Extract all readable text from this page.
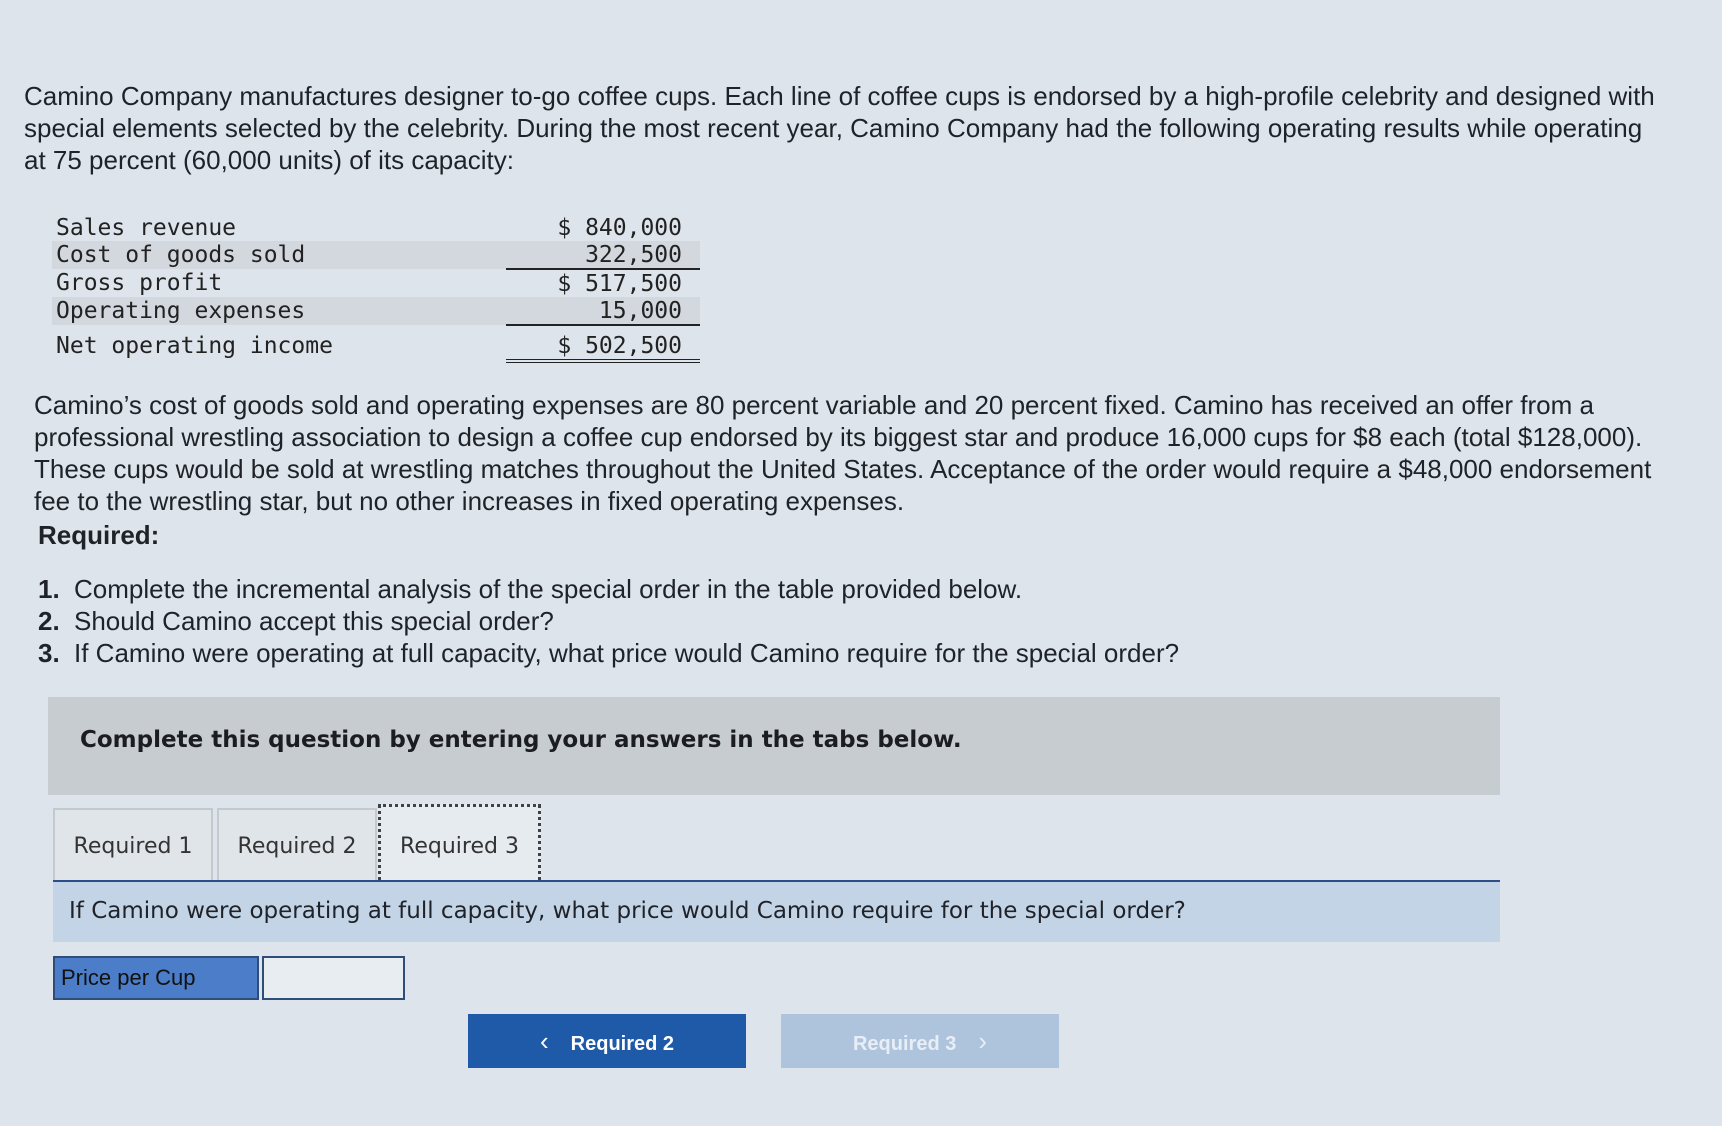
Camino Company manufactures designer to-go coffee cups. Each line of coffee cups is endorsed by a high-profile celebrity and designed with special elements selected by the celebrity. During the most recent year, Camino Company had the following operating results while operating at 75 percent (60,000 units) of its capacity:

Sales revenue	$ 840,000
Cost of goods sold	322,500
Gross profit	$ 517,500
Operating expenses	15,000
Net operating income	$ 502,500

Camino’s cost of goods sold and operating expenses are 80 percent variable and 20 percent fixed. Camino has received an offer from a professional wrestling association to design a coffee cup endorsed by its biggest star and produce 16,000 cups for $8 each (total $128,000). These cups would be sold at wrestling matches throughout the United States. Acceptance of the order would require a $48,000 endorsement fee to the wrestling star, but no other increases in fixed operating expenses.

Required:
1. Complete the incremental analysis of the special order in the table provided below.
2. Should Camino accept this special order?
3. If Camino were operating at full capacity, what price would Camino require for the special order?
Complete this question by entering your answers in the tabs below.
Required 1	Required 2	Required 3
If Camino were operating at full capacity, what price would Camino require for the special order?
Price per Cup
‹ Required 2	Required 3 ›
